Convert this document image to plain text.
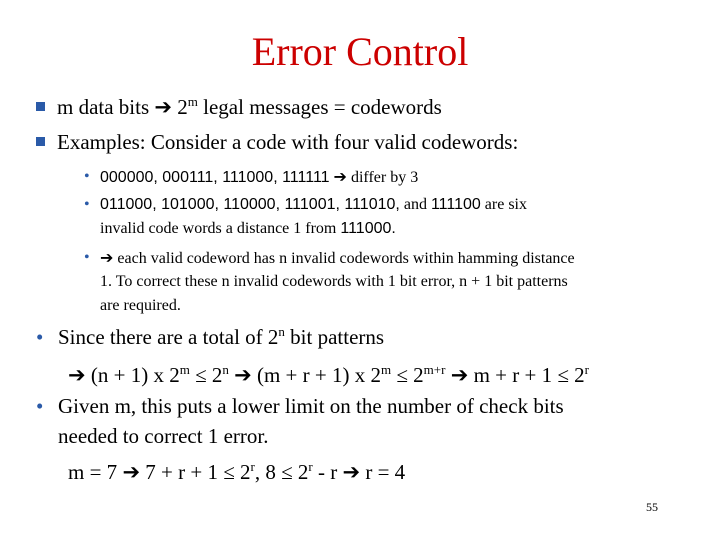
Error Control
m data bits ➔ 2$^m$ legal messages = codewords
Examples: Consider a code with four valid codewords:
• 000000, 000111, 111000, 111111 ➔ differ by 3
• 011000, 101000, 110000, 111001, 111010, and 111100 are six
invalid code words a distance 1 from 111000.
• ➔ each valid codeword has n invalid codewords within hamming distance
1. To correct these n invalid codewords with 1 bit error, n + 1 bit patterns
are required.
• Since there are a total of 2$^n$ bit patterns
➔ (n + 1) x $2^m \le 2^n$ ➔ (m + r + 1) x $2^m \le 2^{m+r}$ ➔ $m + r + 1 \le 2^r$
• Given m, this puts a lower limit on the number of check bits
needed to correct 1 error.
m = 7 ➔ $7 + r + 1 \le 2^r$, $8 \le 2^r - r$ ➔ r = 4
55
